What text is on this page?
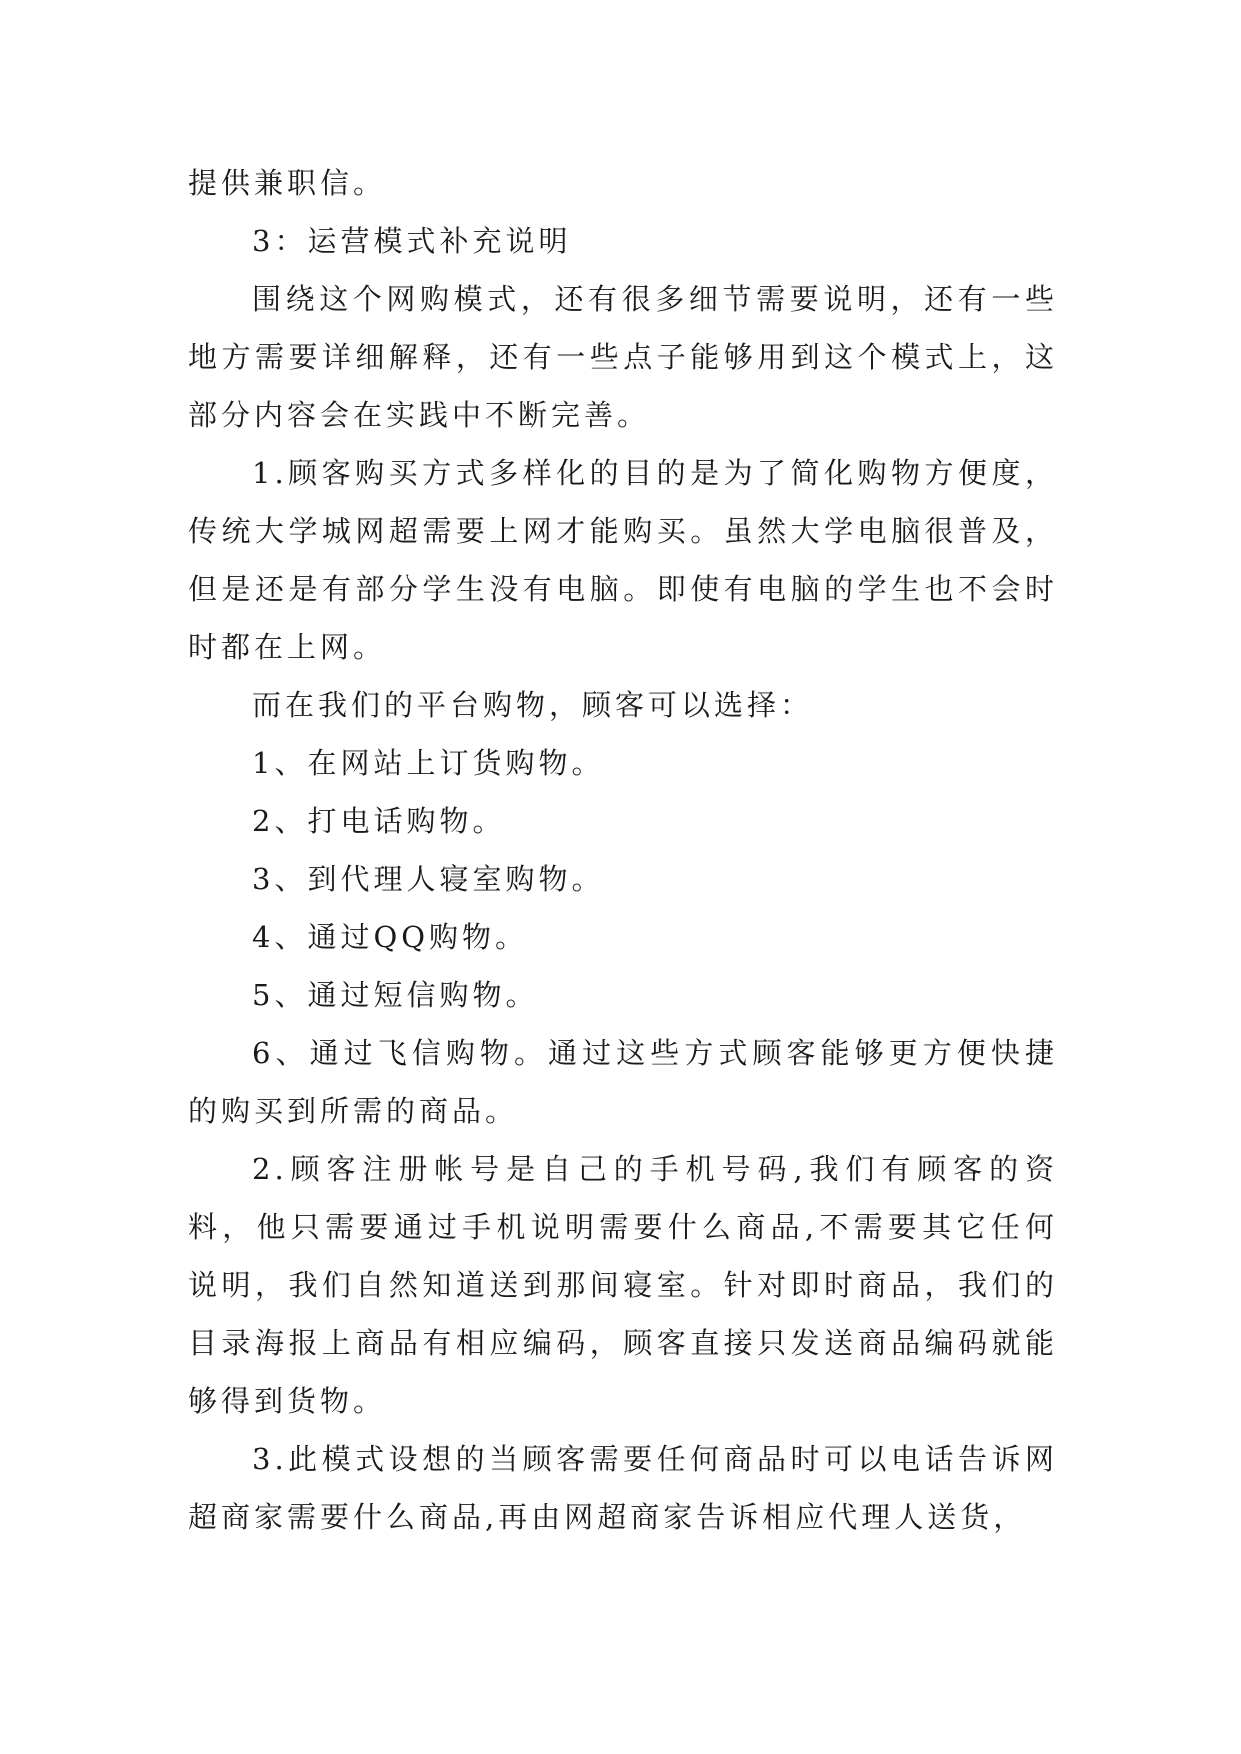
提供兼职信。

3：运营模式补充说明

围绕这个网购模式，还有很多细节需要说明，还有一些地方需要详细解释，还有一些点子能够用到这个模式上，这部分内容会在实践中不断完善。

1.顾客购买方式多样化的目的是为了简化购物方便度，传统大学城网超需要上网才能购买。虽然大学电脑很普及，但是还是有部分学生没有电脑。即使有电脑的学生也不会时时都在上网。

而在我们的平台购物，顾客可以选择：

1、在网站上订货购物。

2、打电话购物。

3、到代理人寝室购物。

4、通过QQ购物。

5、通过短信购物。

6、通过飞信购物。通过这些方式顾客能够更方便快捷的购买到所需的商品。

2.顾客注册帐号是自己的手机号码,我们有顾客的资料，他只需要通过手机说明需要什么商品,不需要其它任何说明，我们自然知道送到那间寝室。针对即时商品，我们的目录海报上商品有相应编码，顾客直接只发送商品编码就能够得到货物。

3.此模式设想的当顾客需要任何商品时可以电话告诉网超商家需要什么商品,再由网超商家告诉相应代理人送货，
